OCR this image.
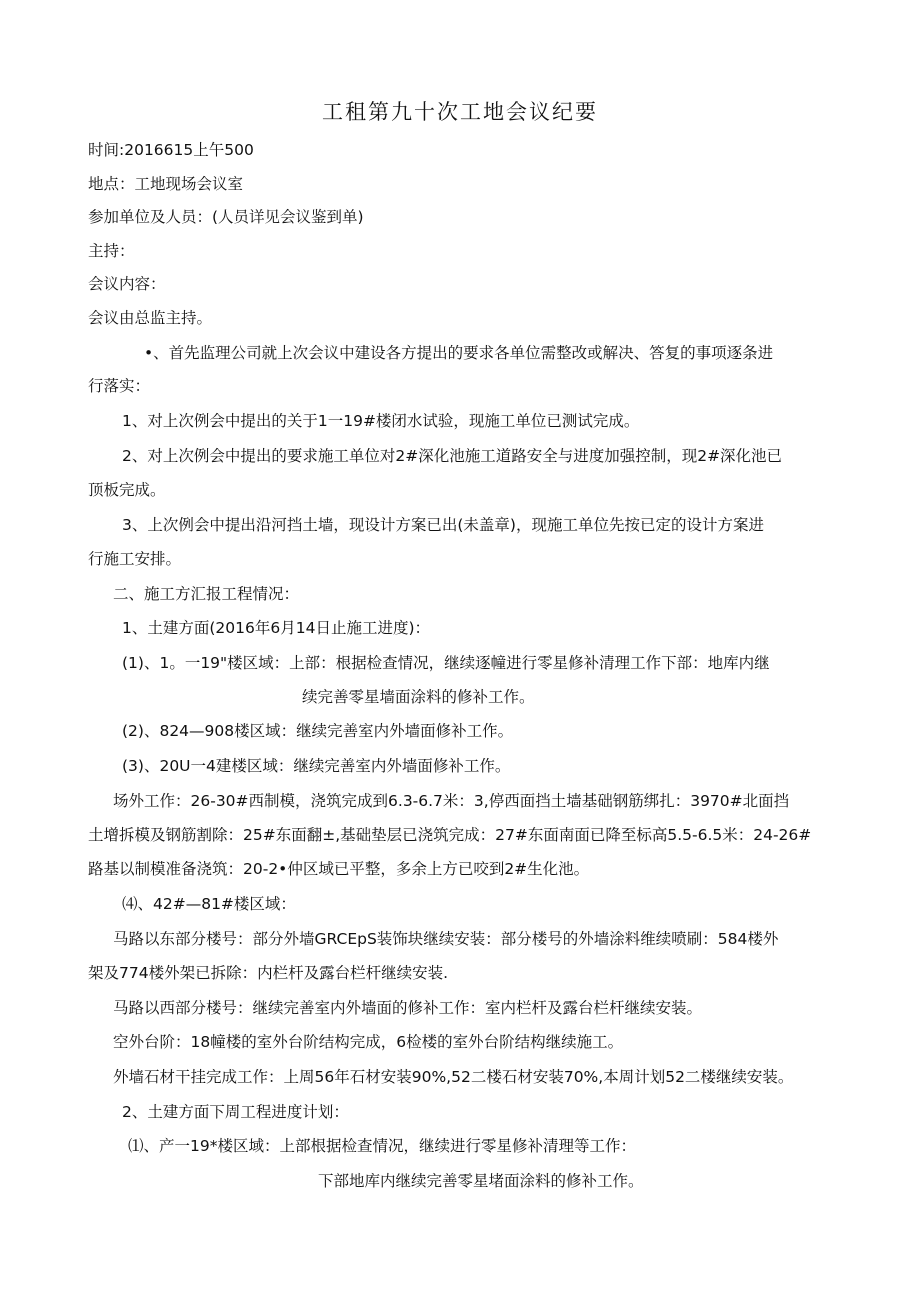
工租第九十次工地会议纪要
时间:2016615上午500
地点：工地现场会议室
参加单位及人员：(人员详见会议鉴到单)
主持：
会议内容：
会议由总监主持。
•、首先监理公司就上次会议中建设各方提出的要求各单位需整改或解决、答复的事项逐条进
行落实：
1、对上次例会中提出的关于1一19#楼闭水试验，现施工单位已测试完成。
2、对上次例会中提出的要求施工单位对2#深化池施工道路安全与进度加强控制，现2#深化池已
顶板完成。
3、上次例会中提出沿河挡土墙，现设计方案已出(未盖章)，现施工单位先按已定的设计方案进
行施工安排。
二、施工方汇报工程情况：
1、土建方面(2016年6月14日止施工进度)：
(1)、1。一19"楼区域：上部：根据检查情况，继续逐幢进行零星修补清理工作下部：地库内继
续完善零星墙面涂料的修补工作。
(2)、824—908楼区域：继续完善室内外墙面修补工作。
(3)、20U一4建楼区域：继续完善室内外墙面修补工作。
场外工作：26-30#西制模，浇筑完成到6.3-6.7米：3,停西面挡土墙基础钢筋绑扎：3970#北面挡
土增拆模及钢筋割除：25#东面翻±,基础垫层已浇筑完成：27#东面南面已降至标高5.5-6.5米：24-26#
路基以制模准备浇筑：20-2•仲区域已平整，多余上方已咬到2#生化池。
⑷、42#—81#楼区域：
马路以东部分楼号：部分外墙GRCEpS装饰块继续安装：部分楼号的外墙涂料维续喷刷：584楼外
架及774楼外架已拆除：内栏杆及露台栏杆继续安装.
马路以西部分楼号：继续完善室内外墙面的修补工作：室内栏杆及露台栏杆继续安装。
空外台阶：18幢楼的室外台阶结构完成，6检楼的室外台阶结构继续施工。
外墙石材干挂完成工作：上周56年石材安装90%,52二楼石材安装70%,本周计划52二楼继续安装。
2、土建方面下周工程进度计划：
⑴、产一19*楼区域：上部根据检查情况，继续进行零星修补清理等工作：
下部地库内继续完善零星堵面涂料的修补工作。
